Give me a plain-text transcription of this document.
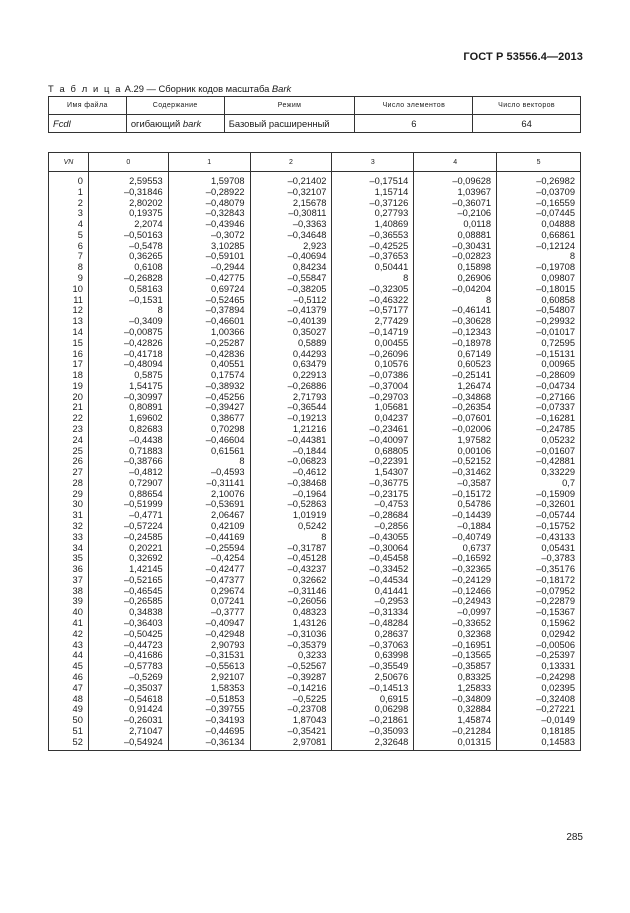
ГОСТ Р 53556.4—2013
Т а б л и ц а А.29 — Сборник кодов масштаба Bark
Имя файла	Содержание	Режим	Число элементов	Число векторов
Fcdl	огибающий bark	Базовый расширенный	6	64
VN	0	1	2	3	4	5
0	2,59553	1,59708	–0,21402	–0,17514	–0,09628	–0,26982
1	–0,31846	–0,28922	–0,32107	1,15714	1,03967	–0,03709
2	2,80202	–0,48079	2,15678	–0,37126	–0,36071	–0,16559
3	0,19375	–0,32843	–0,30811	0,27793	–0,2106	–0,07445
4	2,2074	–0,43946	–0,3363	1,40869	0,0118	0,04888
5	–0,50163	–0,3072	–0,34648	–0,36553	0,08881	0,66861
6	–0,5478	3,10285	2,923	–0,42525	–0,30431	–0,12124
7	0,36265	–0,59101	–0,40694	–0,37653	–0,02823	8
8	0,6108	–0,2944	0,84234	0,50441	0,15898	–0,19708
9	–0,26828	–0,42775	–0,55847	8	0,26906	0,09807
10	0,58163	0,69724	–0,38205	–0,32305	–0,04204	–0,18015
11	–0,1531	–0,52465	–0,5112	–0,46322	8	0,60858
12	8	–0,37894	–0,41379	–0,57177	–0,46141	–0,54807
13	–0,3409	–0,46601	–0,40139	2,77429	–0,30628	–0,29932
14	–0,00875	1,00366	0,35027	–0,14719	–0,12343	–0,01017
15	–0,42826	–0,25287	0,5889	0,00455	–0,18978	0,72595
16	–0,41718	–0,42836	0,44293	–0,26096	0,67149	–0,15131
17	–0,48094	0,40551	0,63479	0,10576	0,60523	0,00965
18	0,5875	0,17574	0,22913	–0,07386	–0,25141	–0,28609
19	1,54175	–0,38932	–0,26886	–0,37004	1,26474	–0,04734
20	–0,30997	–0,45256	2,71793	–0,29703	–0,34868	–0,27166
21	0,80891	–0,39427	–0,36544	1,05681	–0,26354	–0,07337
22	1,69602	0,38677	–0,19213	0,04237	–0,07601	–0,16281
23	0,82683	0,70298	1,21216	–0,23461	–0,02006	–0,24785
24	–0,4438	–0,46604	–0,44381	–0,40097	1,97582	0,05232
25	0,71883	0,61561	–0,1844	0,68805	0,00106	–0,01607
26	–0,38766	8	–0,06823	–0,22391	–0,52152	–0,42881
27	–0,4812	–0,4593	–0,4612	1,54307	–0,31462	0,33229
28	0,72907	–0,31141	–0,38468	–0,36775	–0,3587	0,7
29	0,88654	2,10076	–0,1964	–0,23175	–0,15172	–0,15909
30	–0,51999	–0,53691	–0,52863	–0,4753	0,54786	–0,32601
31	–0,4771	2,06467	1,01919	–0,28684	–0,14439	–0,05744
32	–0,57224	0,42109	0,5242	–0,2856	–0,1884	–0,15752
33	–0,24585	–0,44169	8	–0,43055	–0,40749	–0,43133
34	0,20221	–0,25594	–0,31787	–0,30064	0,6737	0,05431
35	0,32692	–0,4254	–0,45128	–0,45458	–0,16592	–0,3783
36	1,42145	–0,42477	–0,43237	–0,33452	–0,32365	–0,35176
37	–0,52165	–0,47377	0,32662	–0,44534	–0,24129	–0,18172
38	–0,46545	0,29674	–0,31146	0,41441	–0,12466	–0,07952
39	–0,26585	0,07241	–0,26056	–0,2953	–0,24943	–0,22879
40	0,34838	–0,3777	0,48323	–0,31334	–0,0997	–0,15367
41	–0,36403	–0,40947	1,43126	–0,48284	–0,33652	0,15962
42	–0,50425	–0,42948	–0,31036	0,28637	0,32368	0,02942
43	–0,44723	2,90793	–0,35379	–0,37063	–0,16951	–0,00506
44	–0,41686	–0,31531	0,3233	0,63998	–0,13565	–0,25397
45	–0,57783	–0,55613	–0,52567	–0,35549	–0,35857	0,13331
46	–0,5269	2,92107	–0,39287	2,50676	0,83325	–0,24298
47	–0,35037	1,58353	–0,14216	–0,14513	1,25833	0,02395
48	–0,54618	–0,51853	–0,5225	0,6915	–0,34809	–0,32408
49	0,91424	–0,39755	–0,23708	0,06298	0,32884	–0,27221
50	–0,26031	–0,34193	1,87043	–0,21861	1,45874	–0,0149
51	2,71047	–0,44695	–0,35421	–0,35093	–0,21284	0,18185
52	–0,54924	–0,36134	2,97081	2,32648	0,01315	0,14583
285
